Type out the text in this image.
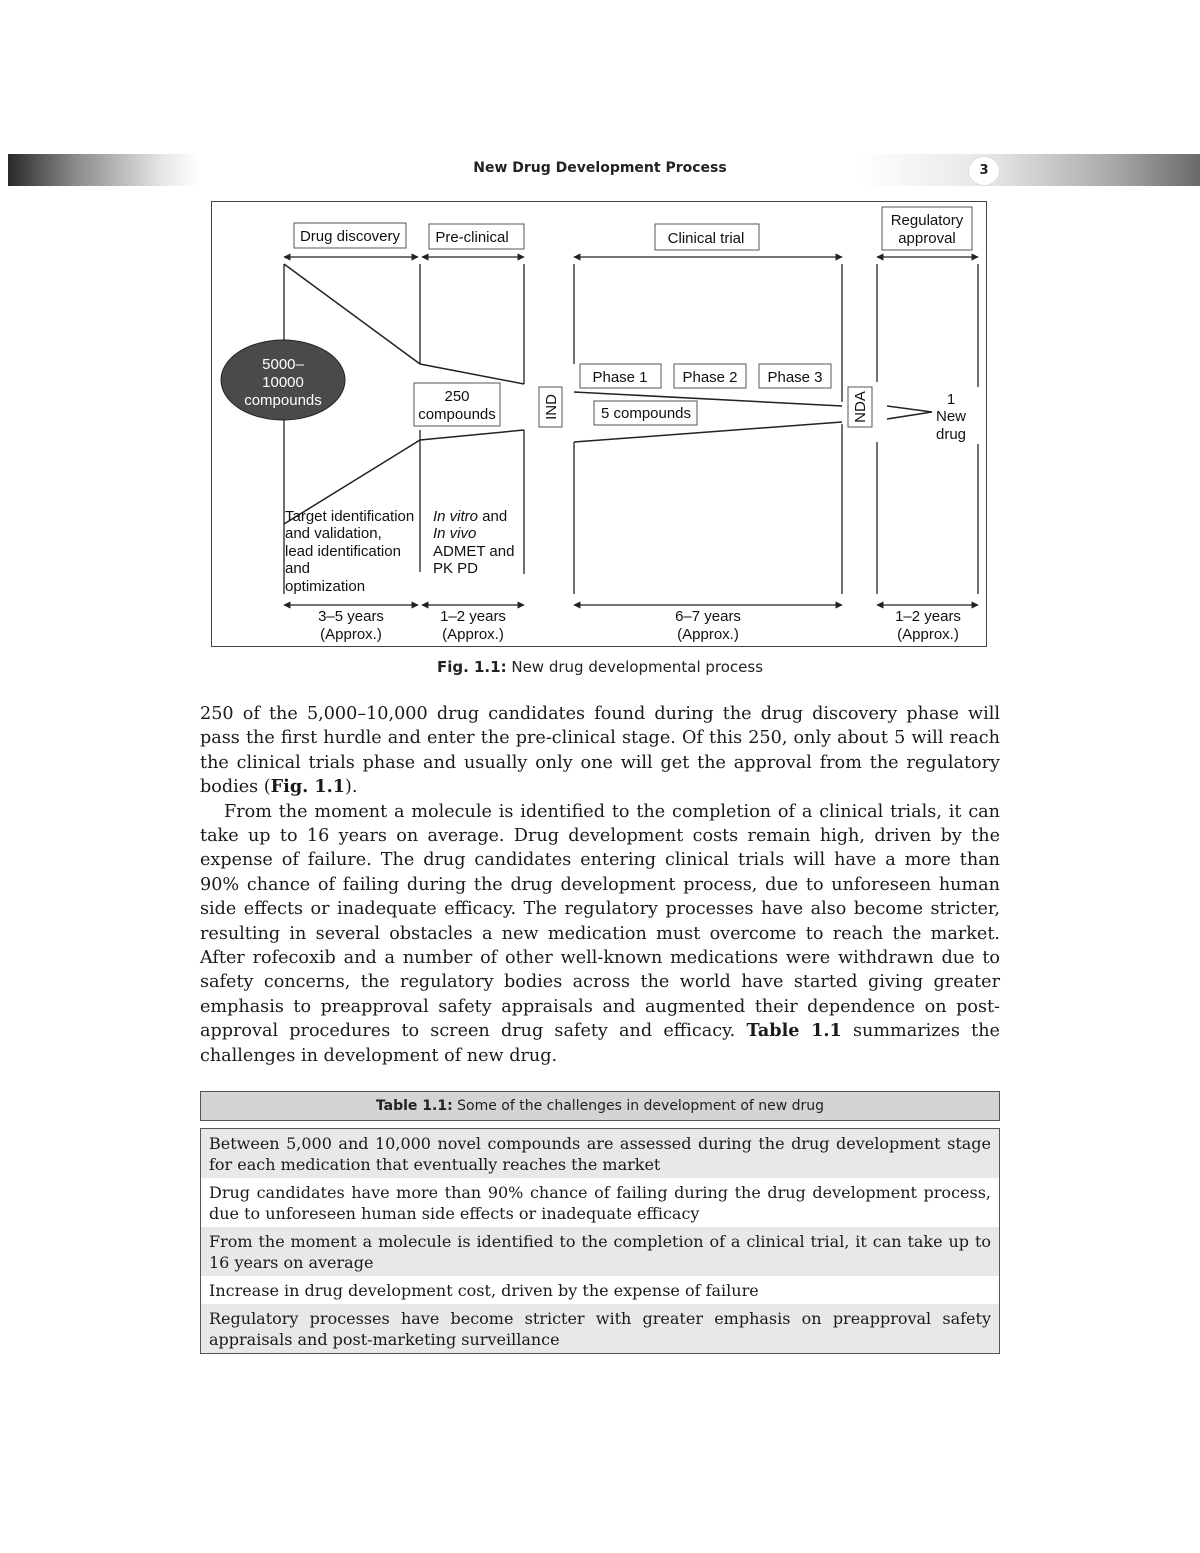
New Drug Development Process	3
Drug discovery Pre-clinical	Clinical trial
Regulatory
approval
5000–
10000
compounds	250
compounds	IND
Phase 1 Phase 2 Phase 3
5 compounds	NDA	1
New
drug
Target identification
and validation,
lead identification
and
optimization
In vitro and
In vivo
ADMET and
PK PD
3–5 years
(Approx.)
1–2 years
(Approx.)
6–7 years
(Approx.)
1–2 years
(Approx.)
Fig. 1.1: New drug developmental process

250 of the 5,000–10,000 drug candidates found during the drug discovery phase will pass the first hurdle and enter the pre-clinical stage. Of this 250, only about 5 will reach the clinical trials phase and usually only one will get the approval from the regulatory bodies (Fig. 1.1).

From the moment a molecule is identified to the completion of a clinical trials, it can take up to 16 years on average. Drug development costs remain high, driven by the expense of failure. The drug candidates entering clinical trials will have a more than 90% chance of failing during the drug development process, due to unforeseen human side effects or inadequate efficacy. The regulatory processes have also become stricter, resulting in several obstacles a new medication must overcome to reach the market. After rofecoxib and a number of other well-known medications were withdrawn due to safety concerns, the regulatory bodies across the world have started giving greater emphasis to preapproval safety appraisals and augmented their dependence on post-approval procedures to screen drug safety and efficacy. Table 1.1 summarizes the challenges in development of new drug.

Table 1.1: Some of the challenges in development of new drug
Between 5,000 and 10,000 novel compounds are assessed during the drug development stage for each medication that eventually reaches the market
Drug candidates have more than 90% chance of failing during the drug development process, due to unforeseen human side effects or inadequate efficacy
From the moment a molecule is identified to the completion of a clinical trial, it can take up to 16 years on average
Increase in drug development cost, driven by the expense of failure
Regulatory processes have become stricter with greater emphasis on preapproval safety appraisals and post-marketing surveillance
